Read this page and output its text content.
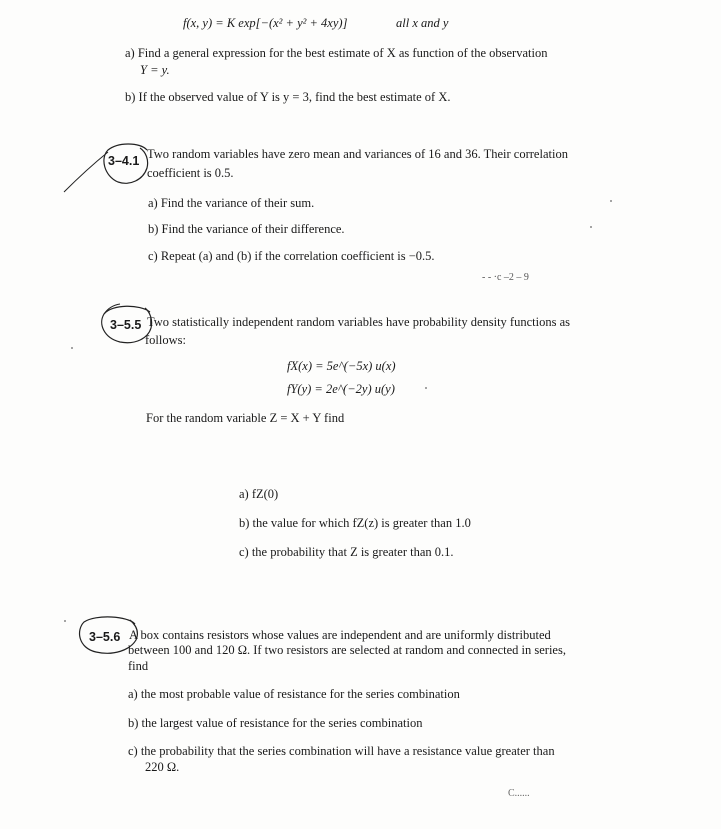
f(x, y) = K exp[−(x² + y² + 4xy)]	all x and y
a) Find a general expression for the best estimate of X as function of the observation
Y = y.
b) If the observed value of Y is y = 3, find the best estimate of X.
3–4.1 Two random variables have zero mean and variances of 16 and 36. Their correlation
coefficient is 0.5.
a) Find the variance of their sum.
b) Find the variance of their difference.
c) Repeat (a) and (b) if the correlation coefficient is −0.5.
- - ·c –2 – 9
3–5.5 Two statistically independent random variables have probability density functions as
follows:
fX(x) = 5e^(−5x) u(x)
fY(y) = 2e^(−2y) u(y)
For the random variable Z = X + Y find
a) fZ(0)
b) the value for which fZ(z) is greater than 1.0
c) the probability that Z is greater than 0.1.
3–5.6 A box contains resistors whose values are independent and are uniformly distributed
between 100 and 120 Ω. If two resistors are selected at random and connected in series,
find
a) the most probable value of resistance for the series combination
b) the largest value of resistance for the series combination
c) the probability that the series combination will have a resistance value greater than
220 Ω.
C......
